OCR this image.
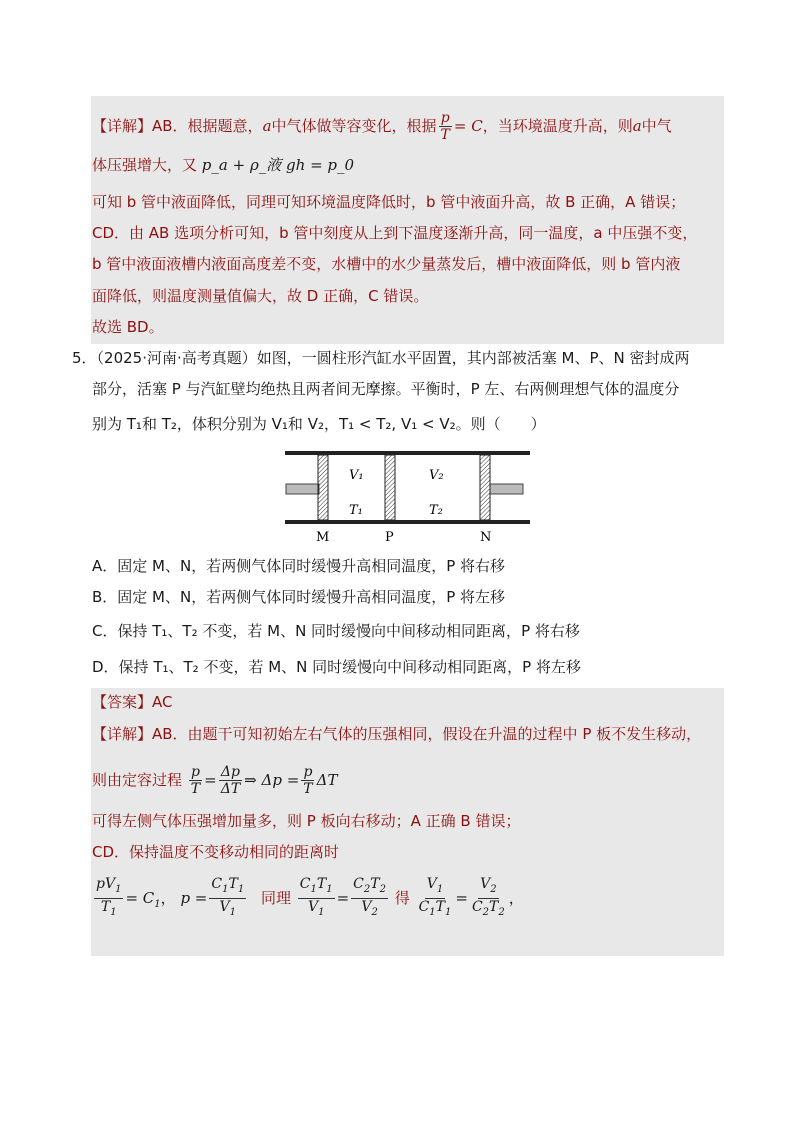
【详解】AB．根据题意，a中气体做等容变化，根据 $\frac{p}{T} = C$，当环境温度升高，则a中气
体压强增大，又 p_a + ρ_液 gh = p_0
可知 b 管中液面降低，同理可知环境温度降低时，b 管中液面升高，故 B 正确，A 错误；
CD．由 AB 选项分析可知，b 管中刻度从上到下温度逐渐升高，同一温度，a 中压强不变，
b 管中液面液槽内液面高度差不变，水槽中的水少量蒸发后，槽中液面降低，则 b 管内液
面降低，则温度测量值偏大，故 D 正确，C 错误。
故选 BD。
5．（2025·河南·高考真题）如图，一圆柱形汽缸水平固置，其内部被活塞 M、P、N 密封成两
部分，活塞 P 与汽缸壁均绝热且两者间无摩擦。平衡时，P 左、右两侧理想气体的温度分
别为 T₁和 T₂，体积分别为 V₁和 V₂，T₁ < T₂, V₁ < V₂。则（　　）
V₁	V₂
T₁	T₂
M	P	N
A．固定 M、N，若两侧气体同时缓慢升高相同温度，P 将右移
B．固定 M、N，若两侧气体同时缓慢升高相同温度，P 将左移
C．保持 T₁、T₂ 不变，若 M、N 同时缓慢向中间移动相同距离，P 将右移
D．保持 T₁、T₂ 不变，若 M、N 同时缓慢向中间移动相同距离，P 将左移
【答案】AC
【详解】AB．由题干可知初始左右气体的压强相同，假设在升温的过程中 P 板不发生移动，
则由定容过程 $\frac{p}{T} = \frac{\Delta p}{\Delta T}$ ⇒ $\Delta p = \frac{p}{T}$ ΔT
可得左侧气体压强增加量多，则 P 板向右移动；A 正确 B 错误；
CD．保持温度不变移动相同的距离时
$\frac{pV_1}{T_1} = C_1$， $p = \frac{C_1T_1}{V_1}$ 同理 $\frac{C_1T_1}{V_1} = \frac{C_2T_2}{V_2}$ 得 $\frac{V_1}{C_1T_1} = \frac{V_2}{C_2T_2}$ ，
